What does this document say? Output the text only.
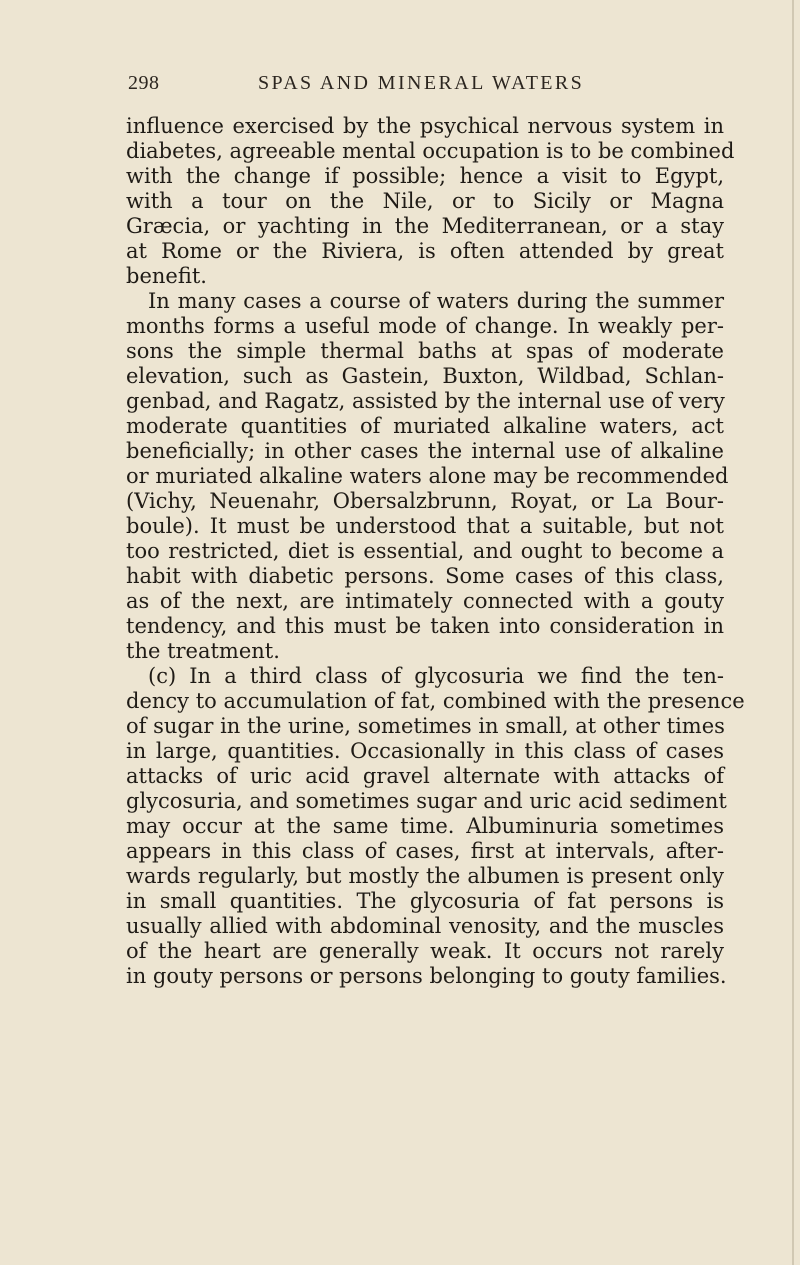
298	SPAS AND MINERAL WATERS
influence exercised by the psychical nervous system in
diabetes, agreeable mental occupation is to be combined
with the change if possible; hence a visit to Egypt,
with a tour on the Nile, or to Sicily or Magna
Græcia, or yachting in the Mediterranean, or a stay
at Rome or the Riviera, is often attended by great
benefit.
In many cases a course of waters during the summer
months forms a useful mode of change. In weakly per-
sons the simple thermal baths at spas of moderate
elevation, such as Gastein, Buxton, Wildbad, Schlan-
genbad, and Ragatz, assisted by the internal use of very
moderate quantities of muriated alkaline waters, act
beneficially; in other cases the internal use of alkaline
or muriated alkaline waters alone may be recommended
(Vichy, Neuenahr, Obersalzbrunn, Royat, or La Bour-
boule). It must be understood that a suitable, but not
too restricted, diet is essential, and ought to become a
habit with diabetic persons. Some cases of this class,
as of the next, are intimately connected with a gouty
tendency, and this must be taken into consideration in
the treatment.
(c) In a third class of glycosuria we find the ten-
dency to accumulation of fat, combined with the presence
of sugar in the urine, sometimes in small, at other times
in large, quantities. Occasionally in this class of cases
attacks of uric acid gravel alternate with attacks of
glycosuria, and sometimes sugar and uric acid sediment
may occur at the same time. Albuminuria sometimes
appears in this class of cases, first at intervals, after-
wards regularly, but mostly the albumen is present only
in small quantities. The glycosuria of fat persons is
usually allied with abdominal venosity, and the muscles
of the heart are generally weak. It occurs not rarely
in gouty persons or persons belonging to gouty families.
